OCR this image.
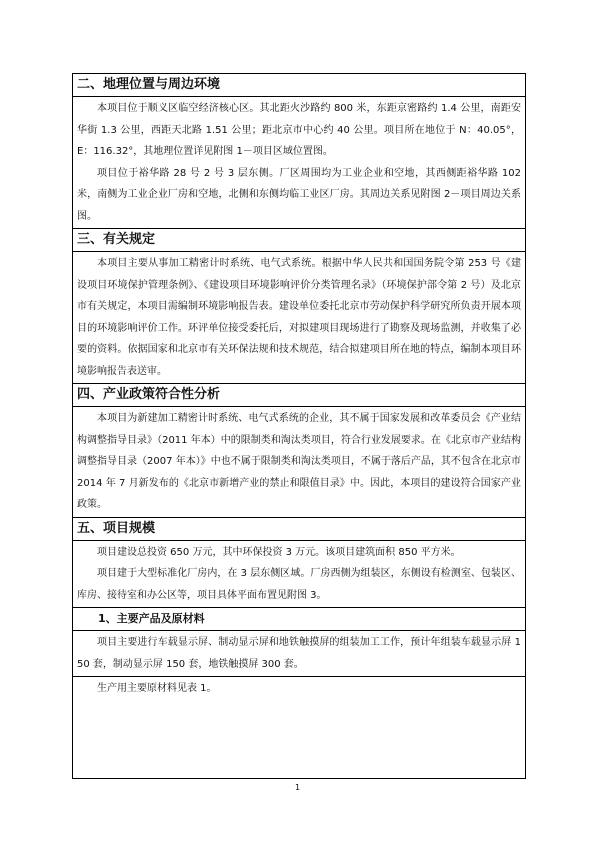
二、地理位置与周边环境

本项目位于顺义区临空经济核心区。其北距火沙路约 800 米，东距京密路约 1.4 公里，南距安华街 1.3 公里，西距天北路 1.51 公里；距北京市中心约 40 公里。项目所在地位于 N：40.05°，E：116.32°，其地理位置详见附图 1－项目区域位置图。

项目位于裕华路 28 号 2 号 3 层东侧。厂区周围均为工业企业和空地，其西侧距裕华路 102 米，南侧为工业企业厂房和空地，北侧和东侧均临工业区厂房。其周边关系见附图 2－项目周边关系图。

三、有关规定

本项目主要从事加工精密计时系统、电气式系统。根据中华人民共和国国务院令第 253 号《建设项目环境保护管理条例》、《建设项目环境影响评价分类管理名录》（环境保护部令第 2 号）及北京市有关规定，本项目需编制环境影响报告表。建设单位委托北京市劳动保护科学研究所负责开展本项目的环境影响评价工作。环评单位接受委托后，对拟建项目现场进行了勘察及现场监测，并收集了必要的资料。依据国家和北京市有关环保法规和技术规范，结合拟建项目所在地的特点，编制本项目环境影响报告表送审。

四、产业政策符合性分析

本项目为新建加工精密计时系统、电气式系统的企业，其不属于国家发展和改革委员会《产业结构调整指导目录》（2011 年本）中的限制类和淘汰类项目，符合行业发展要求。在《北京市产业结构调整指导目录（2007 年本）》中也不属于限制类和淘汰类项目，不属于落后产品，其不包含在北京市 2014 年 7 月新发布的《北京市新增产业的禁止和限值目录》中。因此，本项目的建设符合国家产业政策。

五、项目规模

项目建设总投资 650 万元，其中环保投资 3 万元。该项目建筑面积 850 平方米。

项目建于大型标准化厂房内，在 3 层东侧区域。厂房西侧为组装区，东侧设有检测室、包装区、库房、接待室和办公区等，项目具体平面布置见附图 3。

1、主要产品及原材料

项目主要进行车载显示屏、制动显示屏和地铁触摸屏的组装加工工作，预计年组装车载显示屏 150 套，制动显示屏 150 套，地铁触摸屏 300 套。

生产用主要原材料见表 1。

1
